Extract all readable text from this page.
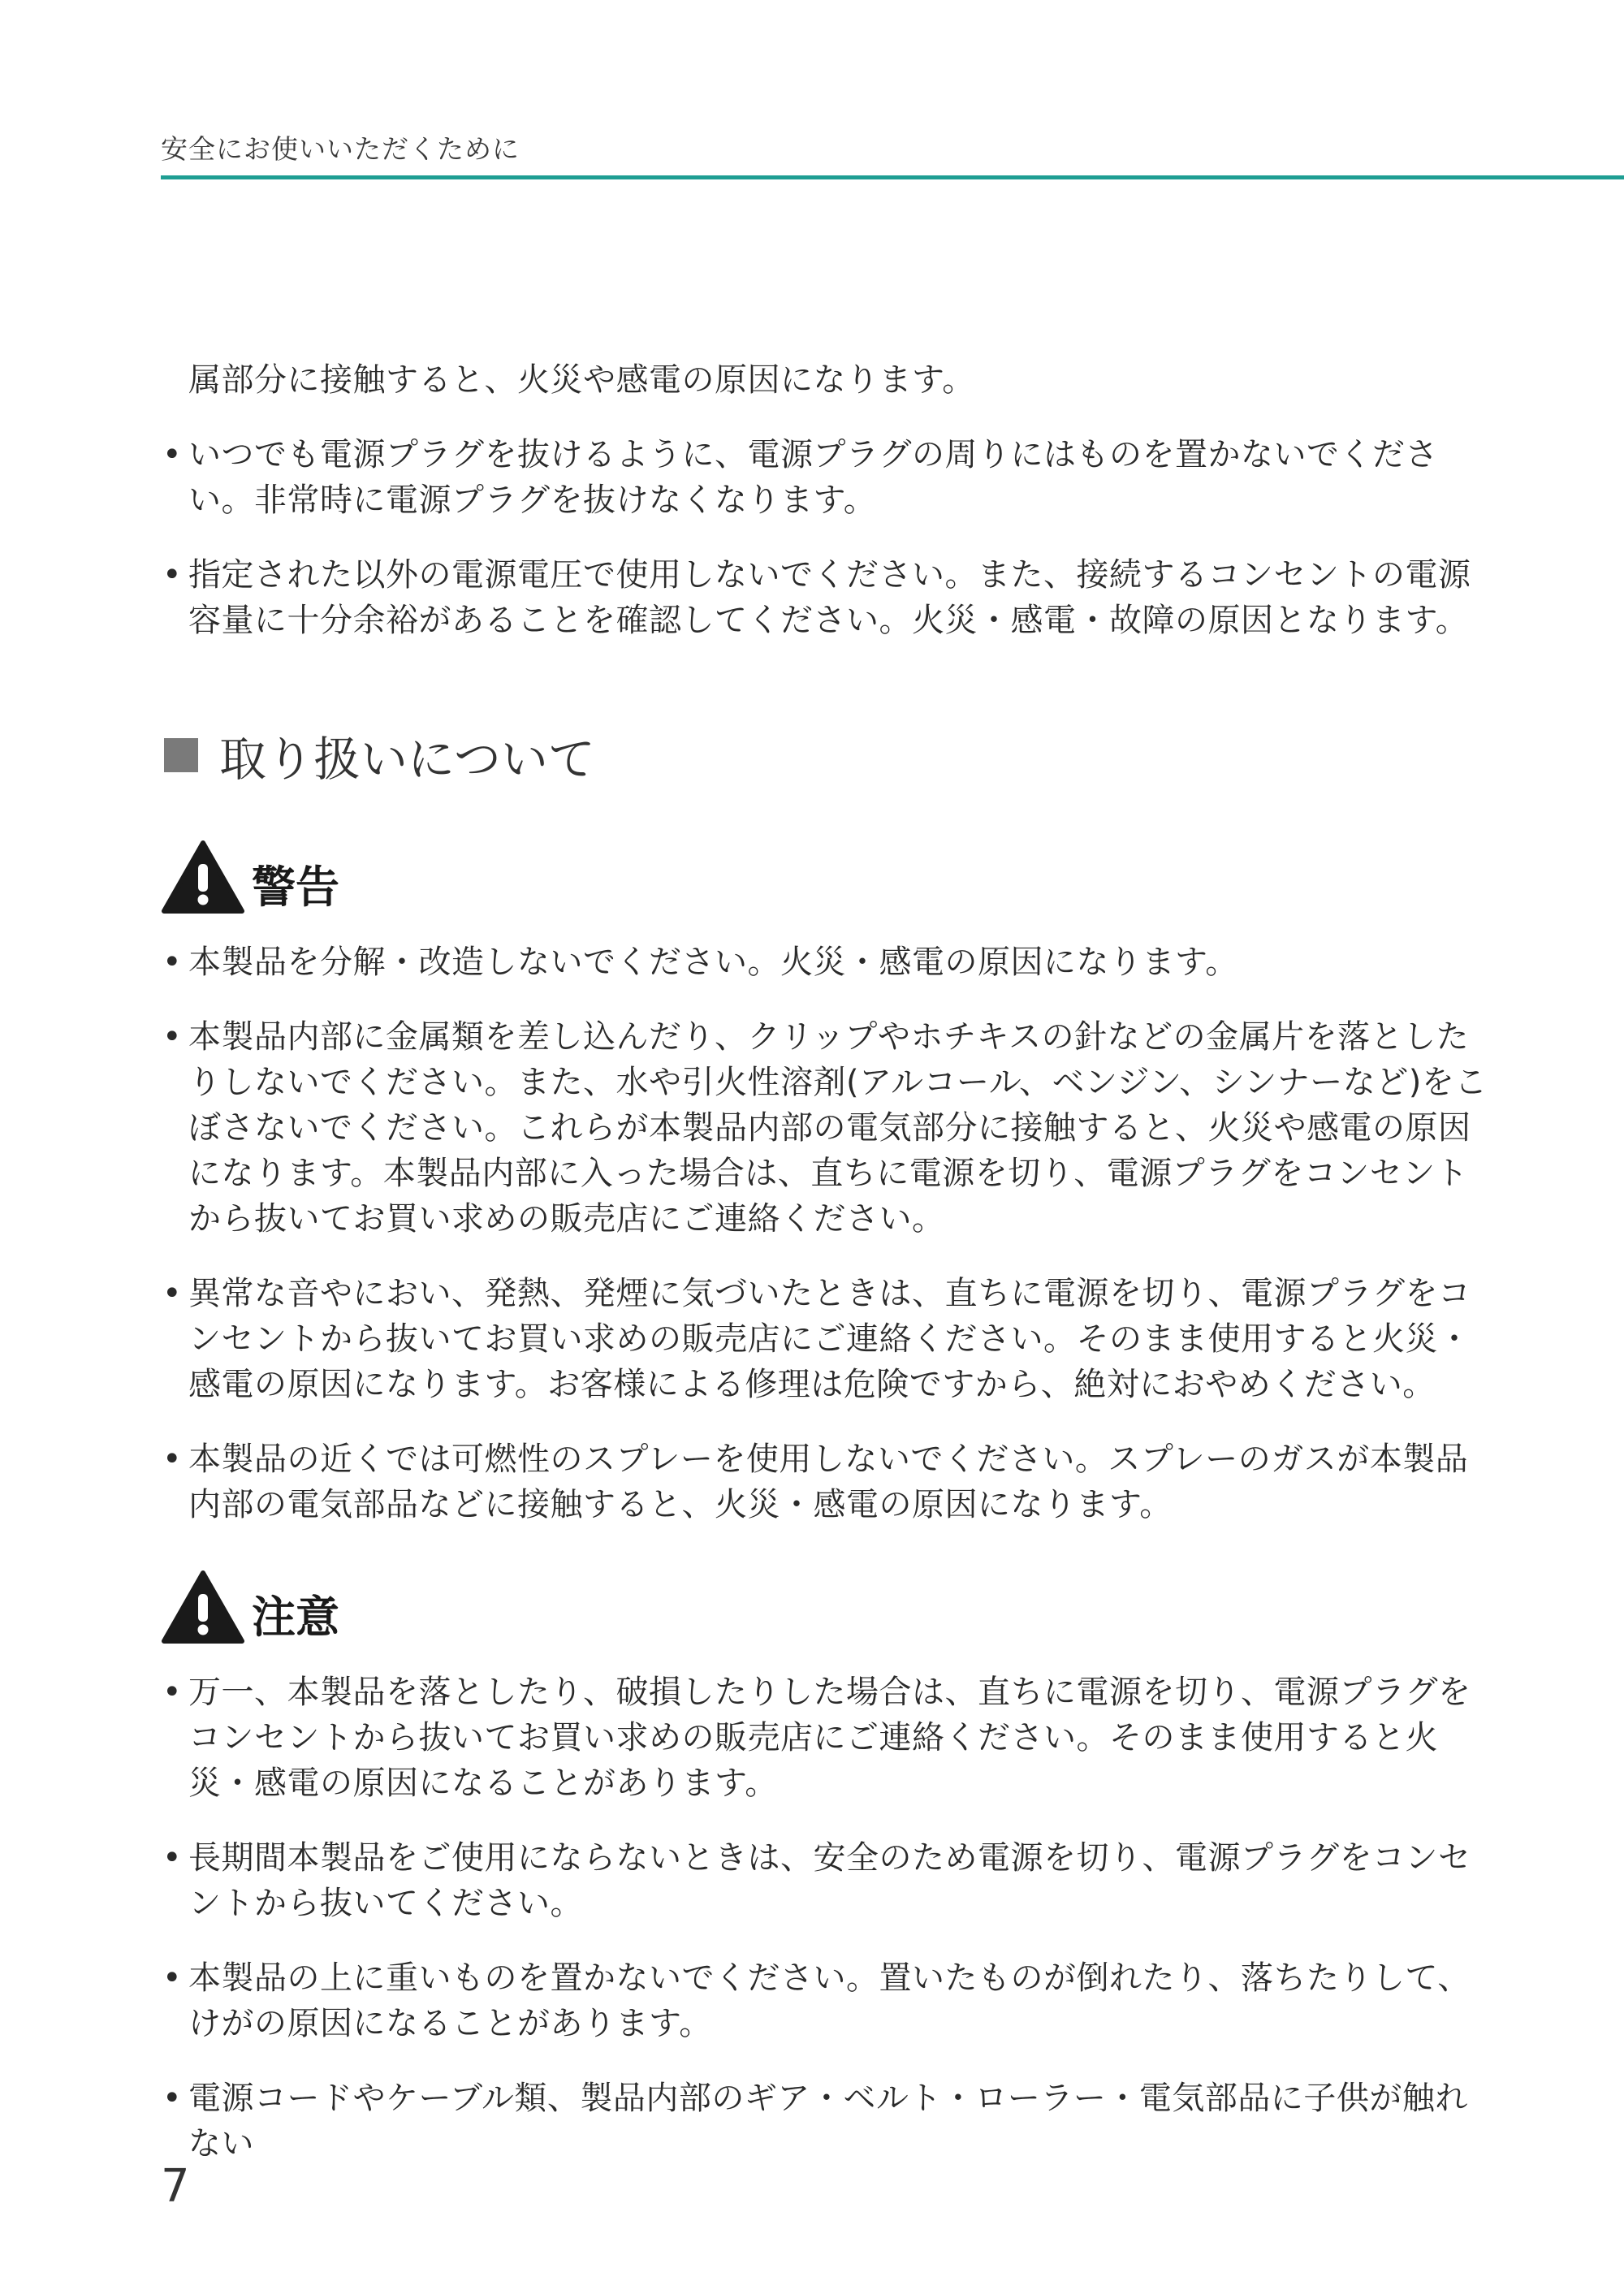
安全にお使いいただくために

属部分に接触すると、火災や感電の原因になります。

• いつでも電源プラグを抜けるように、電源プラグの周りにはものを置かないでください。非常時に電源プラグを抜けなくなります。
• 指定された以外の電源電圧で使用しないでください。また、接続するコンセントの電源容量に十分余裕があることを確認してください。火災・感電・故障の原因となります。
取り扱いについて
警告
• 本製品を分解・改造しないでください。火災・感電の原因になります。
• 本製品内部に金属類を差し込んだり、クリップやホチキスの針などの金属片を落としたりしないでください。また、水や引火性溶剤(アルコール、ベンジン、シンナーなど)をこぼさないでください。これらが本製品内部の電気部分に接触すると、火災や感電の原因になります。本製品内部に入った場合は、直ちに電源を切り、電源プラグをコンセントから抜いてお買い求めの販売店にご連絡ください。
• 異常な音やにおい、発熱、発煙に気づいたときは、直ちに電源を切り、電源プラグをコンセントから抜いてお買い求めの販売店にご連絡ください。そのまま使用すると火災・感電の原因になります。お客様による修理は危険ですから、絶対におやめください。
• 本製品の近くでは可燃性のスプレーを使用しないでください。スプレーのガスが本製品内部の電気部品などに接触すると、火災・感電の原因になります。
注意
• 万一、本製品を落としたり、破損したりした場合は、直ちに電源を切り、電源プラグをコンセントから抜いてお買い求めの販売店にご連絡ください。そのまま使用すると火災・感電の原因になることがあります。
• 長期間本製品をご使用にならないときは、安全のため電源を切り、電源プラグをコンセントから抜いてください。
• 本製品の上に重いものを置かないでください。置いたものが倒れたり、落ちたりして、けがの原因になることがあります。
• 電源コードやケーブル類、製品内部のギア・ベルト・ローラー・電気部品に子供が触れない
7
